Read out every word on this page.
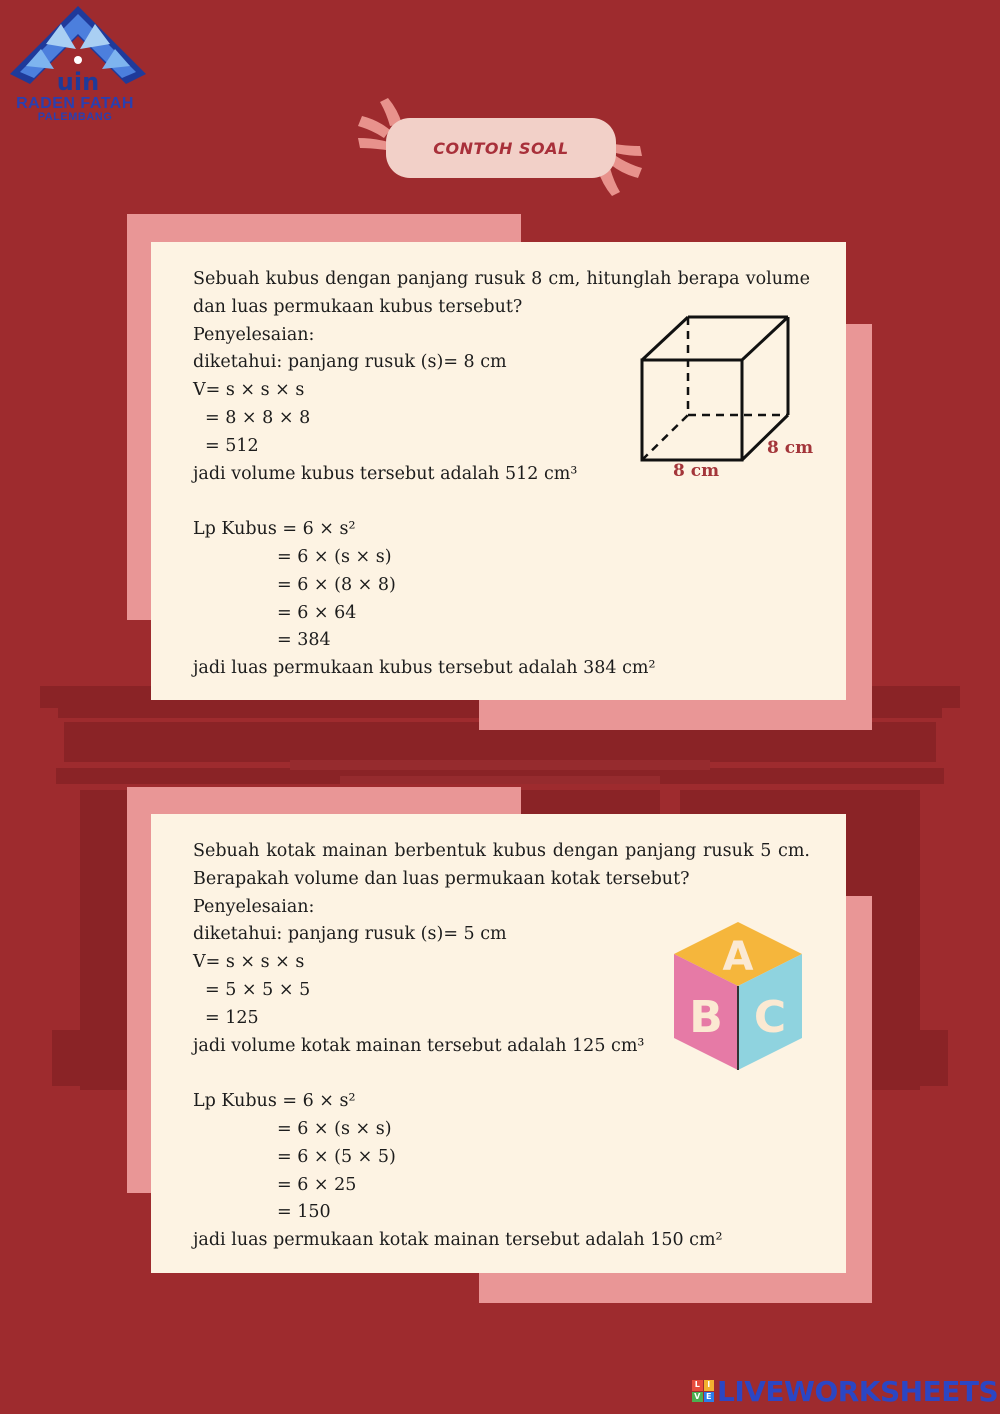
uin
RADEN FATAH
PALEMBANG
CONTOH SOAL

Sebuah kubus dengan panjang rusuk 8 cm, hitunglah berapa volume dan luas permukaan kubus tersebut?

Penyelesaian:

diketahui: panjang rusuk (s)= 8 cm

V= s × s × s

= 8 × 8 × 8

= 512

jadi volume kubus tersebut adalah 512 cm³

Lp Kubus = 6 × s²

= 6 × (s × s)

= 6 × (8 × 8)

= 6 × 64

= 384

jadi luas permukaan kubus tersebut adalah 384 cm²

8 cm
8 cm

Sebuah kotak mainan berbentuk kubus dengan panjang rusuk 5 cm. Berapakah volume dan luas permukaan kotak tersebut?

Penyelesaian:

diketahui: panjang rusuk (s)= 5 cm

V= s × s × s

= 5 × 5 × 5

= 125

jadi volume kotak mainan tersebut adalah 125 cm³

Lp Kubus = 6 × s²

= 6 × (s × s)

= 6 × (5 × 5)

= 6 × 25

= 150

jadi luas permukaan kotak mainan tersebut adalah 150 cm²

A
B C
L I
V E LIVEWORKSHEETS
